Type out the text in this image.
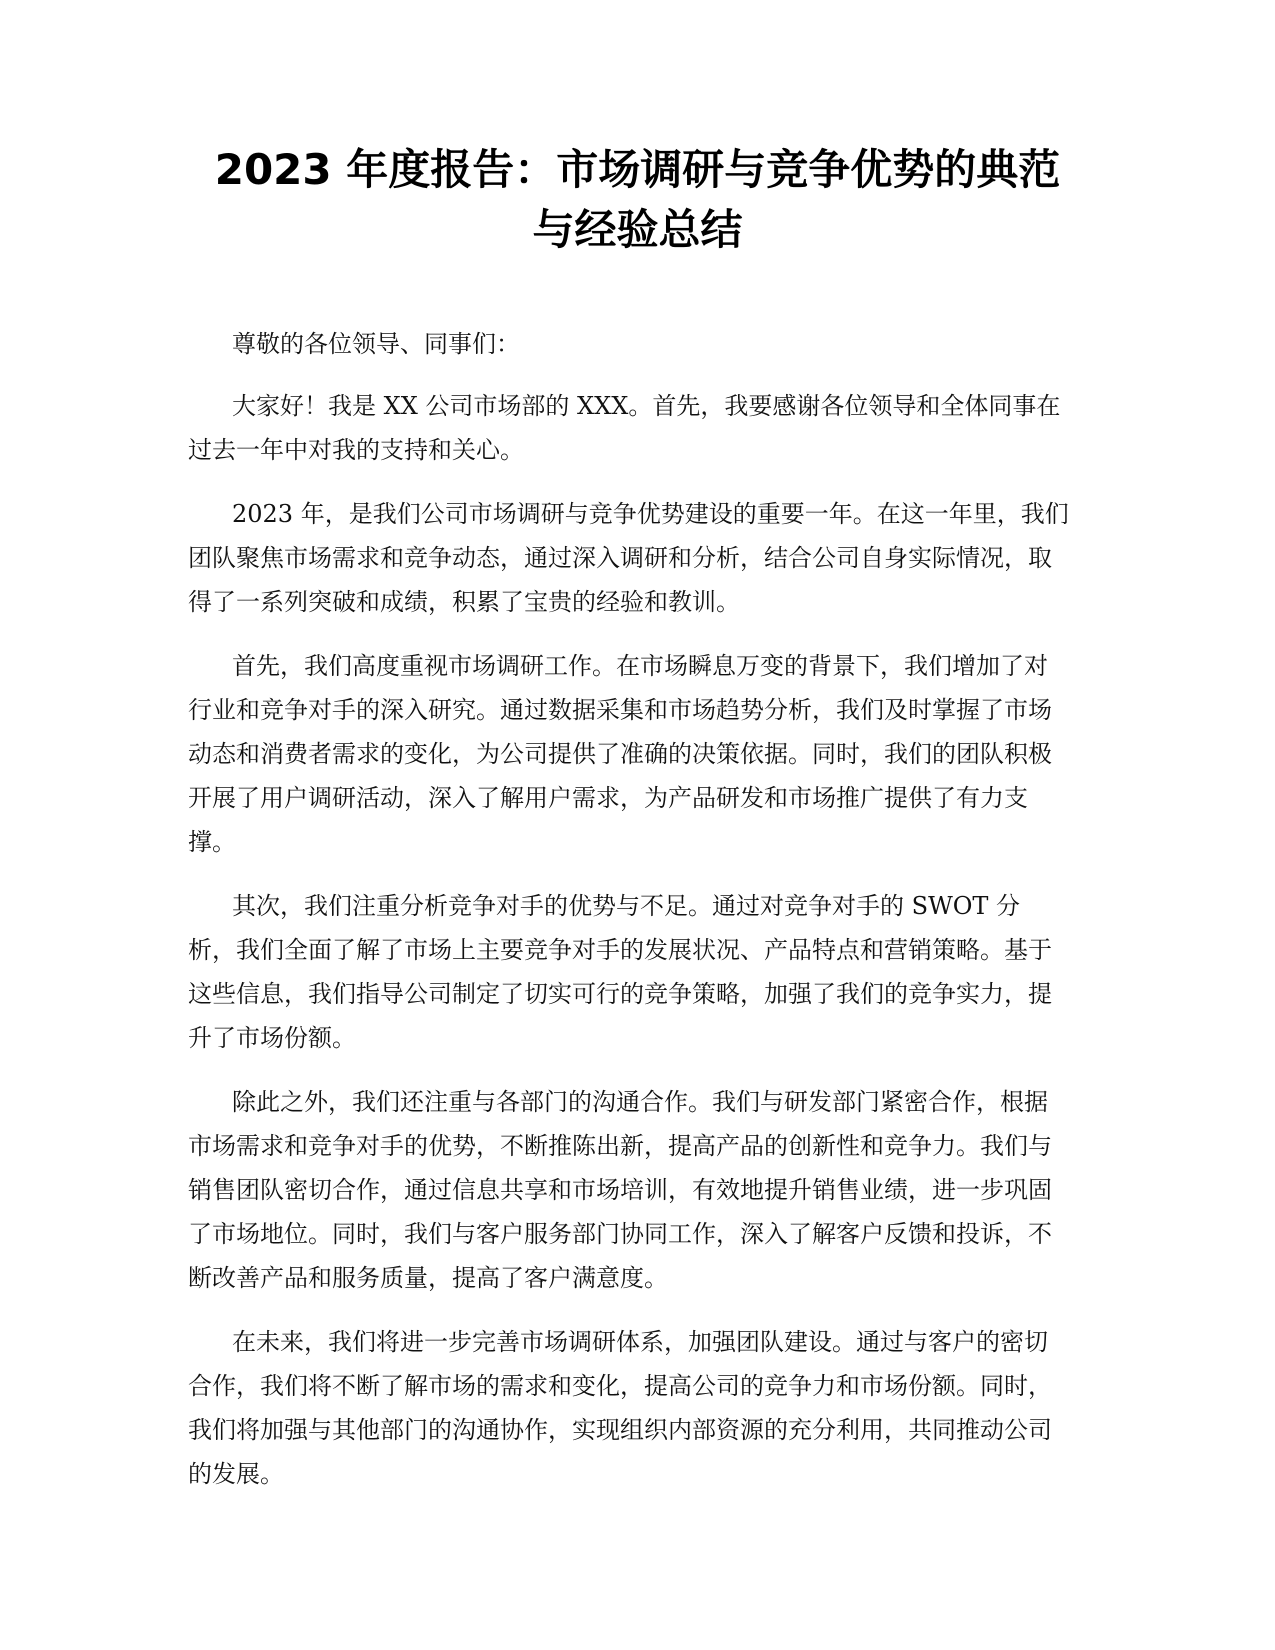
2023 年度报告：市场调研与竞争优势的典范
与经验总结

尊敬的各位领导、同事们：

大家好！我是 XX 公司市场部的 XXX。首先，我要感谢各位领导和全体同事在
过去一年中对我的支持和关心。

2023 年，是我们公司市场调研与竞争优势建设的重要一年。在这一年里，我们
团队聚焦市场需求和竞争动态，通过深入调研和分析，结合公司自身实际情况，取
得了一系列突破和成绩，积累了宝贵的经验和教训。

首先，我们高度重视市场调研工作。在市场瞬息万变的背景下，我们增加了对
行业和竞争对手的深入研究。通过数据采集和市场趋势分析，我们及时掌握了市场
动态和消费者需求的变化，为公司提供了准确的决策依据。同时，我们的团队积极
开展了用户调研活动，深入了解用户需求，为产品研发和市场推广提供了有力支
撑。

其次，我们注重分析竞争对手的优势与不足。通过对竞争对手的 SWOT 分
析，我们全面了解了市场上主要竞争对手的发展状况、产品特点和营销策略。基于
这些信息，我们指导公司制定了切实可行的竞争策略，加强了我们的竞争实力，提
升了市场份额。

除此之外，我们还注重与各部门的沟通合作。我们与研发部门紧密合作，根据
市场需求和竞争对手的优势，不断推陈出新，提高产品的创新性和竞争力。我们与
销售团队密切合作，通过信息共享和市场培训，有效地提升销售业绩，进一步巩固
了市场地位。同时，我们与客户服务部门协同工作，深入了解客户反馈和投诉，不
断改善产品和服务质量，提高了客户满意度。

在未来，我们将进一步完善市场调研体系，加强团队建设。通过与客户的密切
合作，我们将不断了解市场的需求和变化，提高公司的竞争力和市场份额。同时，
我们将加强与其他部门的沟通协作，实现组织内部资源的充分利用，共同推动公司
的发展。
